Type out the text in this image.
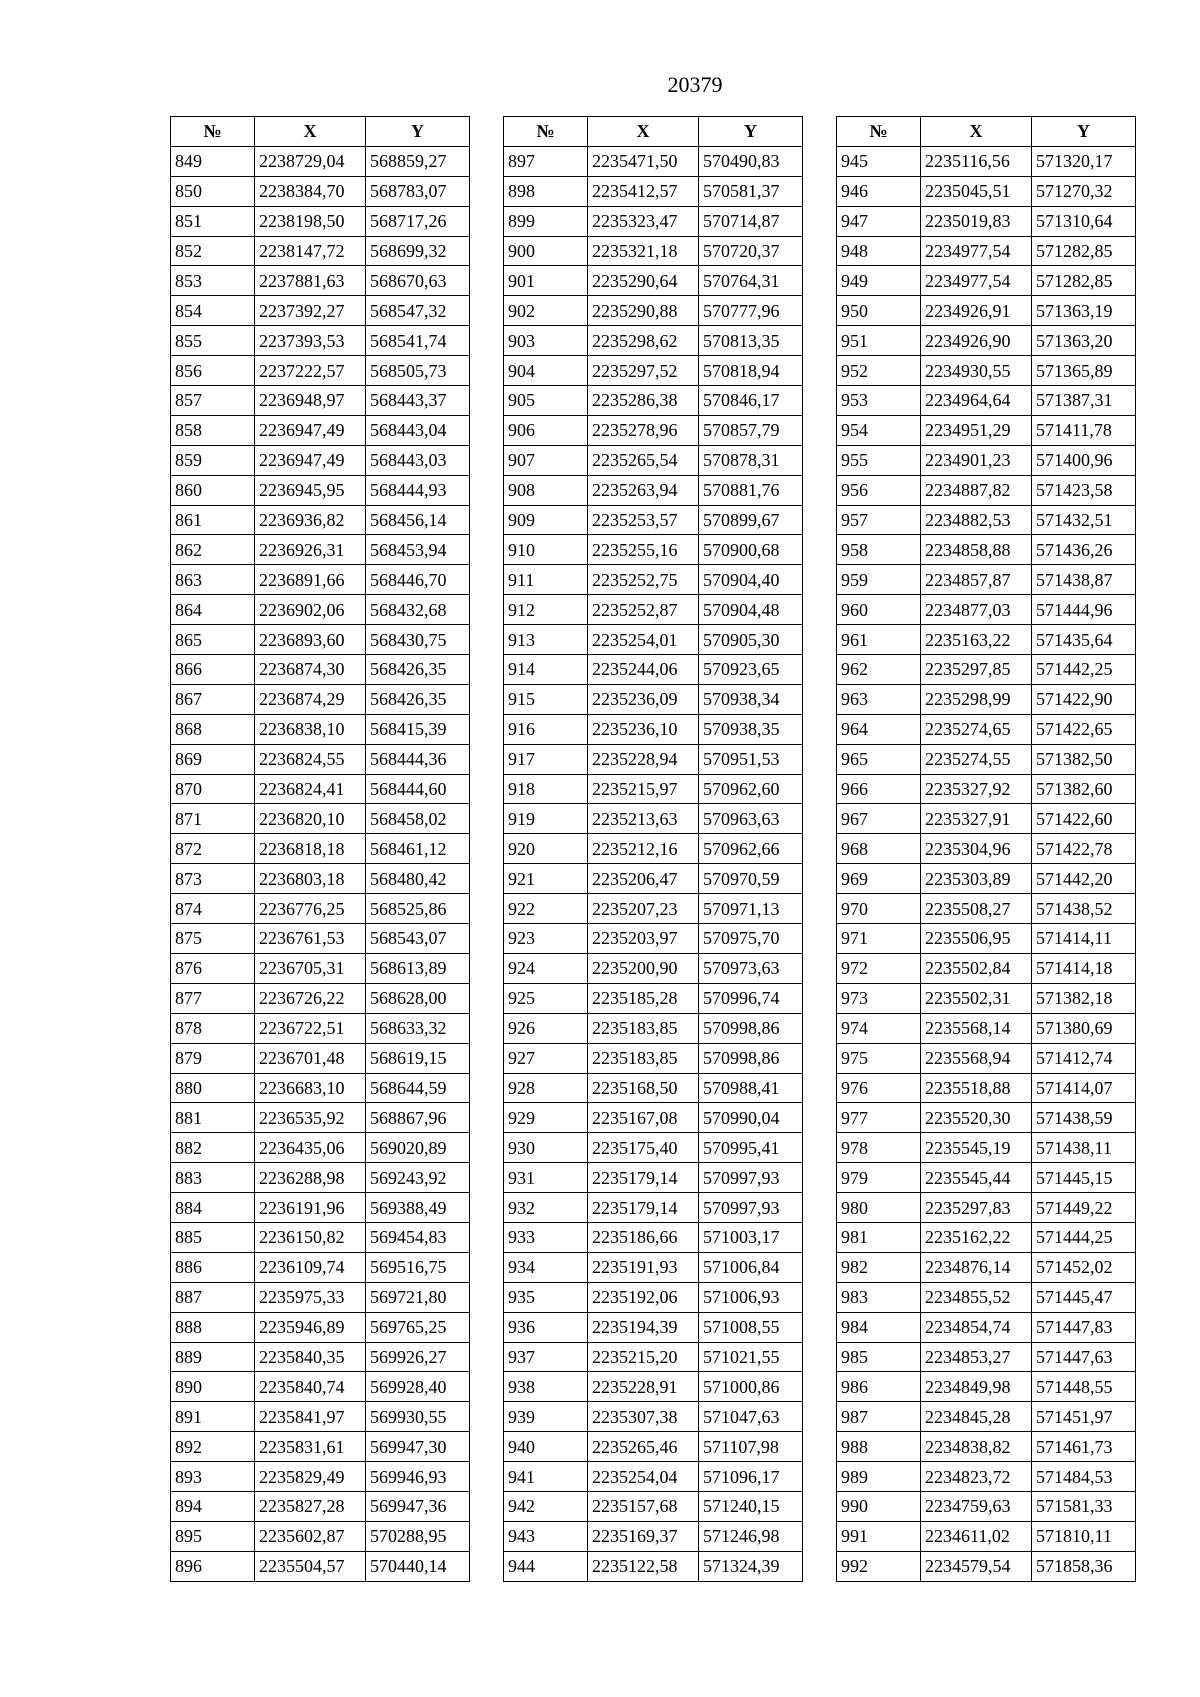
20379
№	X	Y
849	2238729,04	568859,27
850	2238384,70	568783,07
851	2238198,50	568717,26
852	2238147,72	568699,32
853	2237881,63	568670,63
854	2237392,27	568547,32
855	2237393,53	568541,74
856	2237222,57	568505,73
857	2236948,97	568443,37
858	2236947,49	568443,04
859	2236947,49	568443,03
860	2236945,95	568444,93
861	2236936,82	568456,14
862	2236926,31	568453,94
863	2236891,66	568446,70
864	2236902,06	568432,68
865	2236893,60	568430,75
866	2236874,30	568426,35
867	2236874,29	568426,35
868	2236838,10	568415,39
869	2236824,55	568444,36
870	2236824,41	568444,60
871	2236820,10	568458,02
872	2236818,18	568461,12
873	2236803,18	568480,42
874	2236776,25	568525,86
875	2236761,53	568543,07
876	2236705,31	568613,89
877	2236726,22	568628,00
878	2236722,51	568633,32
879	2236701,48	568619,15
880	2236683,10	568644,59
881	2236535,92	568867,96
882	2236435,06	569020,89
883	2236288,98	569243,92
884	2236191,96	569388,49
885	2236150,82	569454,83
886	2236109,74	569516,75
887	2235975,33	569721,80
888	2235946,89	569765,25
889	2235840,35	569926,27
890	2235840,74	569928,40
891	2235841,97	569930,55
892	2235831,61	569947,30
893	2235829,49	569946,93
894	2235827,28	569947,36
895	2235602,87	570288,95
896	2235504,57	570440,14
№	X	Y
897	2235471,50	570490,83
898	2235412,57	570581,37
899	2235323,47	570714,87
900	2235321,18	570720,37
901	2235290,64	570764,31
902	2235290,88	570777,96
903	2235298,62	570813,35
904	2235297,52	570818,94
905	2235286,38	570846,17
906	2235278,96	570857,79
907	2235265,54	570878,31
908	2235263,94	570881,76
909	2235253,57	570899,67
910	2235255,16	570900,68
911	2235252,75	570904,40
912	2235252,87	570904,48
913	2235254,01	570905,30
914	2235244,06	570923,65
915	2235236,09	570938,34
916	2235236,10	570938,35
917	2235228,94	570951,53
918	2235215,97	570962,60
919	2235213,63	570963,63
920	2235212,16	570962,66
921	2235206,47	570970,59
922	2235207,23	570971,13
923	2235203,97	570975,70
924	2235200,90	570973,63
925	2235185,28	570996,74
926	2235183,85	570998,86
927	2235183,85	570998,86
928	2235168,50	570988,41
929	2235167,08	570990,04
930	2235175,40	570995,41
931	2235179,14	570997,93
932	2235179,14	570997,93
933	2235186,66	571003,17
934	2235191,93	571006,84
935	2235192,06	571006,93
936	2235194,39	571008,55
937	2235215,20	571021,55
938	2235228,91	571000,86
939	2235307,38	571047,63
940	2235265,46	571107,98
941	2235254,04	571096,17
942	2235157,68	571240,15
943	2235169,37	571246,98
944	2235122,58	571324,39
№	X	Y
945	2235116,56	571320,17
946	2235045,51	571270,32
947	2235019,83	571310,64
948	2234977,54	571282,85
949	2234977,54	571282,85
950	2234926,91	571363,19
951	2234926,90	571363,20
952	2234930,55	571365,89
953	2234964,64	571387,31
954	2234951,29	571411,78
955	2234901,23	571400,96
956	2234887,82	571423,58
957	2234882,53	571432,51
958	2234858,88	571436,26
959	2234857,87	571438,87
960	2234877,03	571444,96
961	2235163,22	571435,64
962	2235297,85	571442,25
963	2235298,99	571422,90
964	2235274,65	571422,65
965	2235274,55	571382,50
966	2235327,92	571382,60
967	2235327,91	571422,60
968	2235304,96	571422,78
969	2235303,89	571442,20
970	2235508,27	571438,52
971	2235506,95	571414,11
972	2235502,84	571414,18
973	2235502,31	571382,18
974	2235568,14	571380,69
975	2235568,94	571412,74
976	2235518,88	571414,07
977	2235520,30	571438,59
978	2235545,19	571438,11
979	2235545,44	571445,15
980	2235297,83	571449,22
981	2235162,22	571444,25
982	2234876,14	571452,02
983	2234855,52	571445,47
984	2234854,74	571447,83
985	2234853,27	571447,63
986	2234849,98	571448,55
987	2234845,28	571451,97
988	2234838,82	571461,73
989	2234823,72	571484,53
990	2234759,63	571581,33
991	2234611,02	571810,11
992	2234579,54	571858,36
